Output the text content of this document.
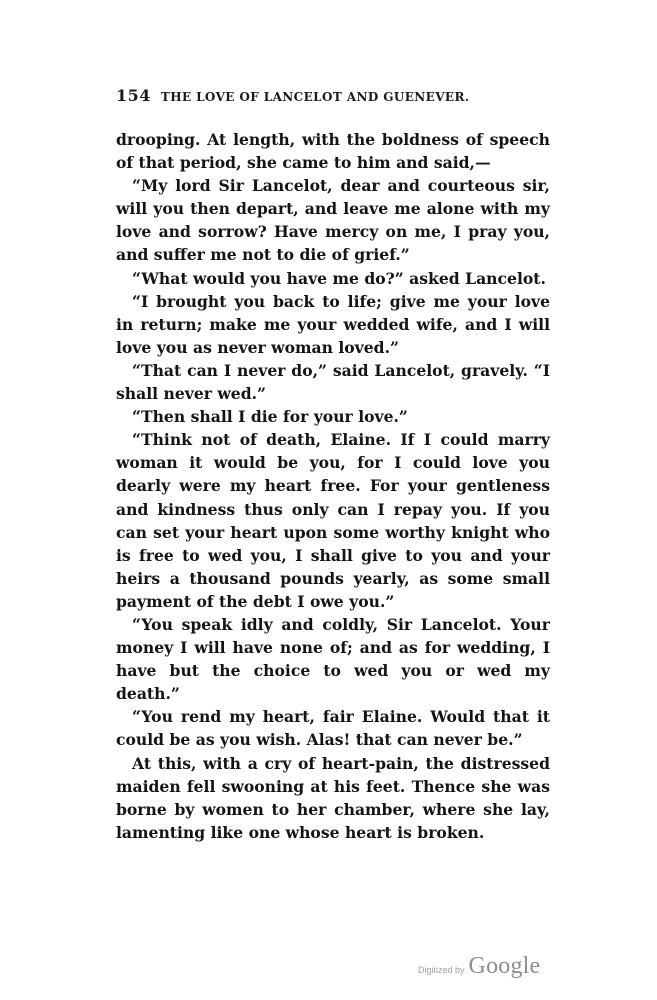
154 THE LOVE OF LANCELOT AND GUENEVER.

drooping. At length, with the boldness of speech of that period, she came to him and said,—

“My lord Sir Lancelot, dear and courteous sir, will you then depart, and leave me alone with my love and sorrow? Have mercy on me, I pray you, and suffer me not to die of grief.”

“What would you have me do?” asked Lancelot.

“I brought you back to life; give me your love in return; make me your wedded wife, and I will love you as never woman loved.”

“That can I never do,” said Lancelot, gravely. “I shall never wed.”

“Then shall I die for your love.”

“Think not of death, Elaine. If I could marry woman it would be you, for I could love you dearly were my heart free. For your gentleness and kindness thus only can I repay you. If you can set your heart upon some worthy knight who is free to wed you, I shall give to you and your heirs a thousand pounds yearly, as some small payment of the debt I owe you.”

“You speak idly and coldly, Sir Lancelot. Your money I will have none of; and as for wedding, I have but the choice to wed you or wed my death.”

“You rend my heart, fair Elaine. Would that it could be as you wish. Alas! that can never be.”

At this, with a cry of heart-pain, the distressed maiden fell swooning at his feet. Thence she was borne by women to her chamber, where she lay, lamenting like one whose heart is broken.

Digitized by Google
